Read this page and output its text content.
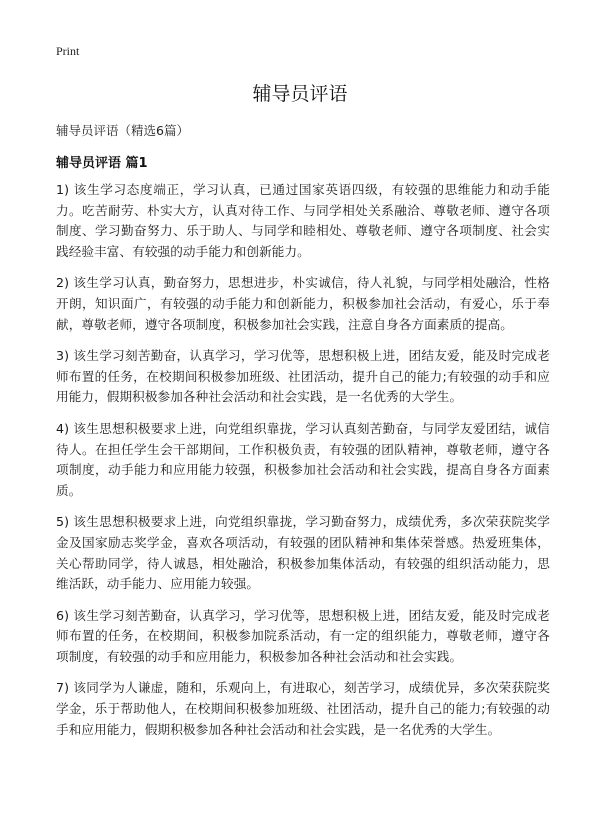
Print
辅导员评语
辅导员评语（精选6篇）
辅导员评语 篇1

1) 该生学习态度端正，学习认真，已通过国家英语四级，有较强的思维能力和动手能力。吃苦耐劳、朴实大方，认真对待工作、与同学相处关系融洽、尊敬老师、遵守各项制度、学习勤奋努力、乐于助人、与同学和睦相处、尊敬老师、遵守各项制度、社会实践经验丰富、有较强的动手能力和创新能力。

2) 该生学习认真，勤奋努力，思想进步，朴实诚信，待人礼貌，与同学相处融洽，性格开朗，知识面广，有较强的动手能力和创新能力，积极参加社会活动，有爱心，乐于奉献，尊敬老师，遵守各项制度，积极参加社会实践，注意自身各方面素质的提高。

3) 该生学习刻苦勤奋，认真学习，学习优等，思想积极上进，团结友爱，能及时完成老师布置的任务，在校期间积极参加班级、社团活动，提升自己的能力;有较强的动手和应用能力，假期积极参加各种社会活动和社会实践，是一名优秀的大学生。

4) 该生思想积极要求上进，向党组织靠拢，学习认真刻苦勤奋，与同学友爱团结，诚信待人。在担任学生会干部期间，工作积极负责，有较强的团队精神，尊敬老师，遵守各项制度，动手能力和应用能力较强，积极参加社会活动和社会实践，提高自身各方面素质。

5) 该生思想积极要求上进，向党组织靠拢，学习勤奋努力，成绩优秀，多次荣获院奖学金及国家励志奖学金，喜欢各项活动，有较强的团队精神和集体荣誉感。热爱班集体，关心帮助同学，待人诚恳，相处融洽，积极参加集体活动，有较强的组织活动能力，思维活跃，动手能力、应用能力较强。

6) 该生学习刻苦勤奋，认真学习，学习优等，思想积极上进，团结友爱，能及时完成老师布置的任务，在校期间，积极参加院系活动，有一定的组织能力，尊敬老师，遵守各项制度，有较强的动手和应用能力，积极参加各种社会活动和社会实践。

7) 该同学为人谦虚，随和，乐观向上，有进取心，刻苦学习，成绩优异，多次荣获院奖学金，乐于帮助他人，在校期间积极参加班级、社团活动，提升自己的能力;有较强的动手和应用能力，假期积极参加各种社会活动和社会实践，是一名优秀的大学生。
